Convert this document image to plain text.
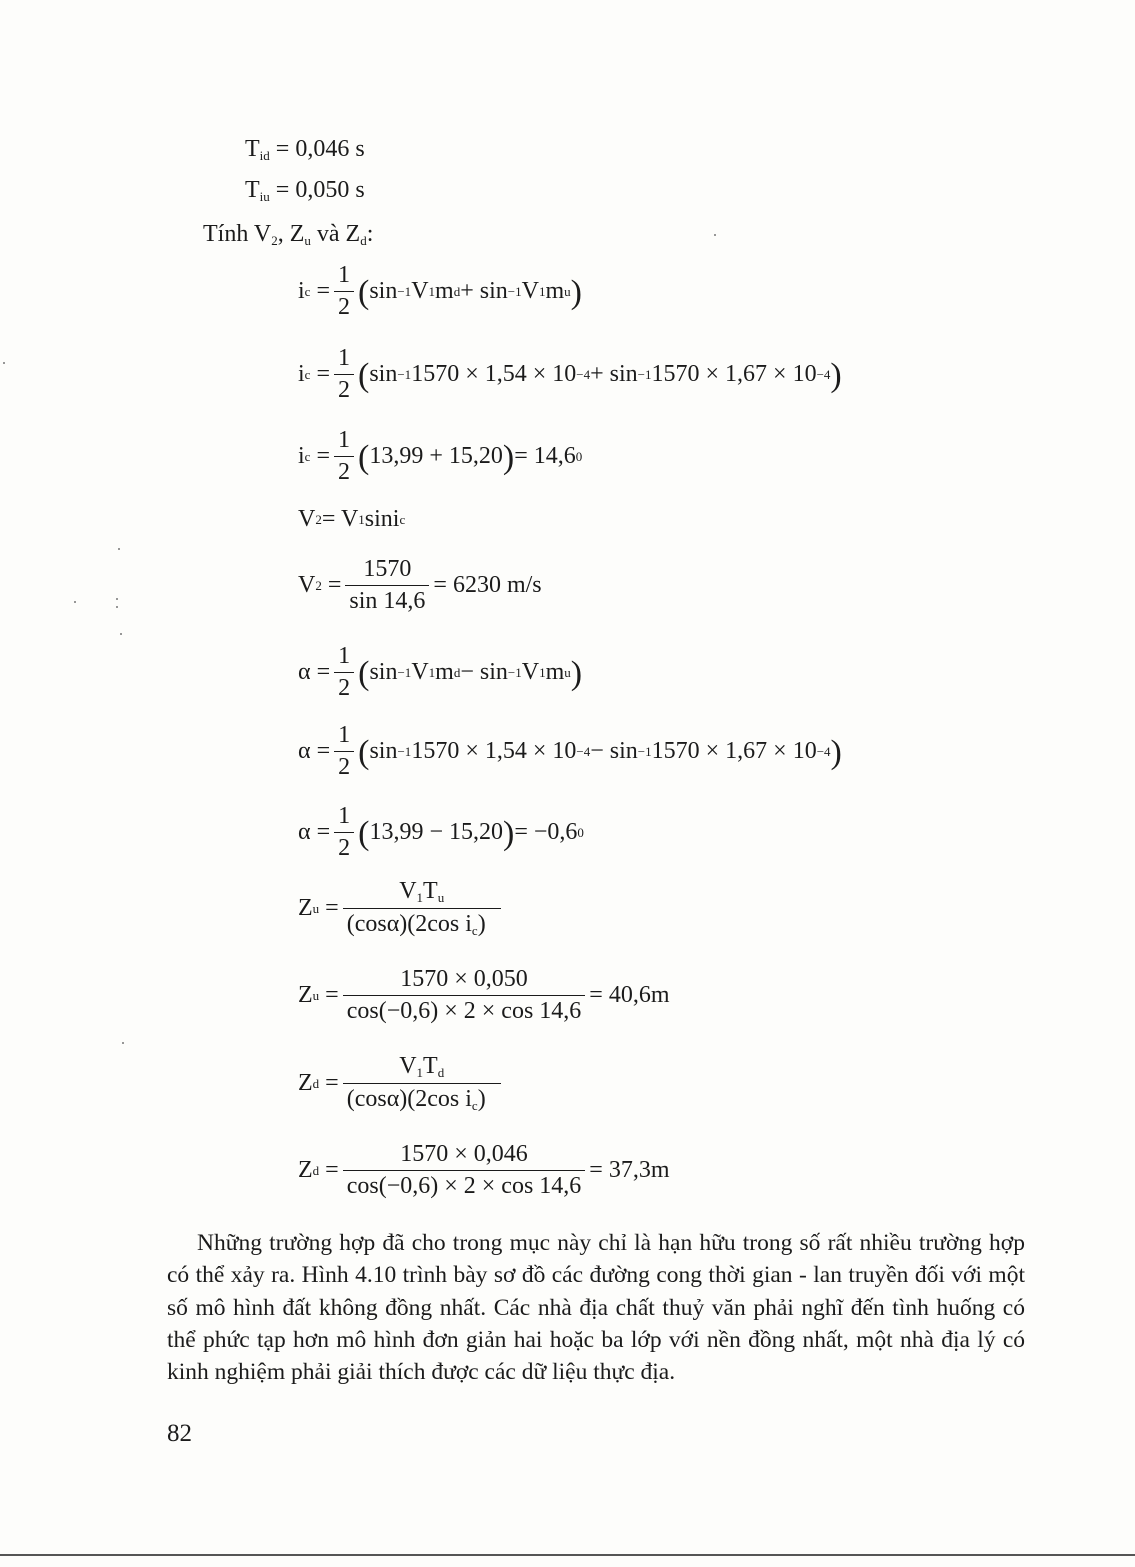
$T_{id} = 0,046$ s
$T_{iu} = 0,050$ s
Tính $V_2$, $Z_u$ và $Z_d$:
i c
= $\frac{1}{2}$ ( sin −1 V 1 m d + sin −1 V 1 m u )
i c
= $\frac{1}{2}$ ( sin −1 1570 × 1,54 × 10 −4 + sin −1 1570 × 1,67 × 10 −4 )
i c
= $\frac{1}{2}$ ( 13,99 + 15,20 ) = 14,6 0
V 2 = V 1 sini c
V 2
= $\frac{1570}{\sin 14,6} = 6230$ m/s
α
= $\frac{1}{2}$ ( sin −1 V 1 m d − sin −1 V 1 m u )
α
= $\frac{1}{2}$ ( sin −1 1570 × 1,54 × 10 −4 − sin −1 1570 × 1,67 × 10 −4 )
α
= $\frac{1}{2}$ ( 13,99 − 15,20 ) = −0,6 0
Z u
= $\frac{V_1T_u}{(\cos\alpha)(2\cos i_c)}$
Z u
= $\frac{1570 \times 0,050}{\cos(-0,6) \times 2 \times \cos 14,6} = 40,6m$
Z d
= $\frac{V_1T_d}{(\cos\alpha)(2\cos i_c)}$
Z d
= $\frac{1570 \times 0,046}{\cos(-0,6) \times 2 \times \cos 14,6} = 37,3m$
Những trường hợp đã cho trong mục này chỉ là hạn hữu trong số rất nhiều trường hợp có thể xảy ra. Hình 4.10 trình bày sơ đồ các đường cong thời gian - lan truyền đối với một số mô hình đất không đồng nhất. Các nhà địa chất thuỷ văn phải nghĩ đến tình huống có thể phức tạp hơn mô hình đơn giản hai hoặc ba lớp với nền đồng nhất, một nhà địa lý có kinh nghiệm phải giải thích được các dữ liệu thực địa.
82
